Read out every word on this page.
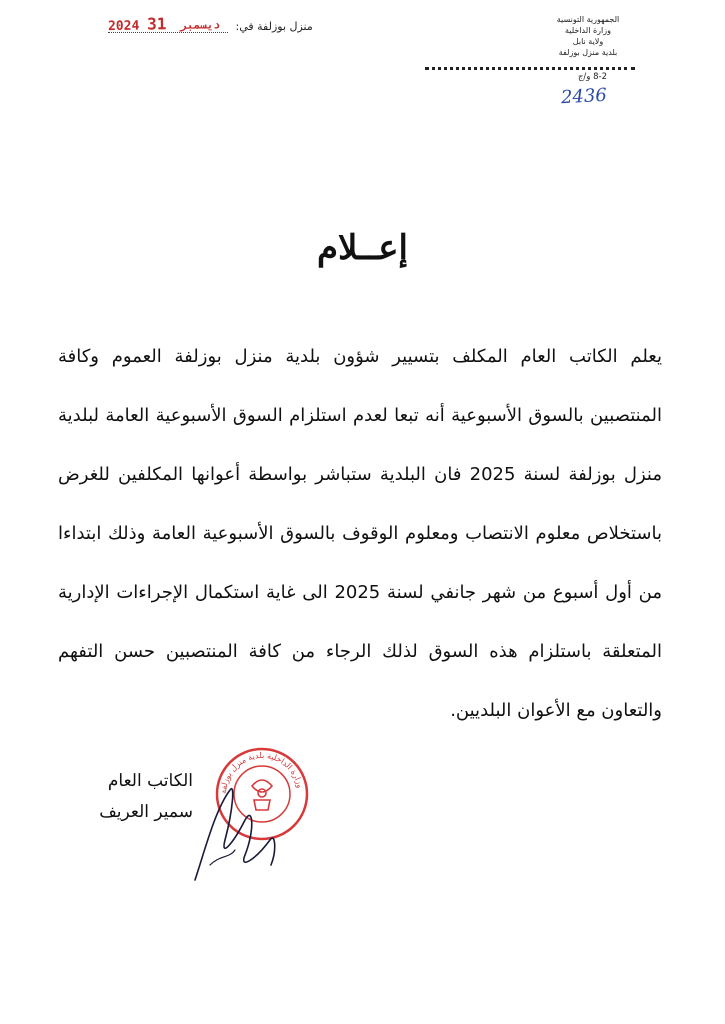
الجمهورية التونسية
وزارة الداخلية
ولاية نابل
بلدية منزل بوزلفة
8-2 و/ج
2436
منزل بوزلفة في:
2024	ديسمبر 31
إعــلام
يعلم الكاتب العام المكلف بتسيير شؤون بلدية منزل بوزلفة العموم وكافة المنتصبين بالسوق الأسبوعية أنه تبعا لعدم استلزام السوق الأسبوعية العامة لبلدية منزل بوزلفة لسنة 2025 فان البلدية ستباشر بواسطة أعوانها المكلفين للغرض باستخلاص معلوم الانتصاب ومعلوم الوقوف بالسوق الأسبوعية العامة وذلك ابتداءا من أول أسبوع من شهر جانفي لسنة 2025 الى غاية استكمال الإجراءات الإدارية المتعلقة باستلزام هذه السوق لذلك الرجاء من كافة المنتصبين حسن التفهم والتعاون مع الأعوان البلديين.
وزارة الداخلية بلدية منزل بوزلفة
الكاتب العام
سمير العريف
